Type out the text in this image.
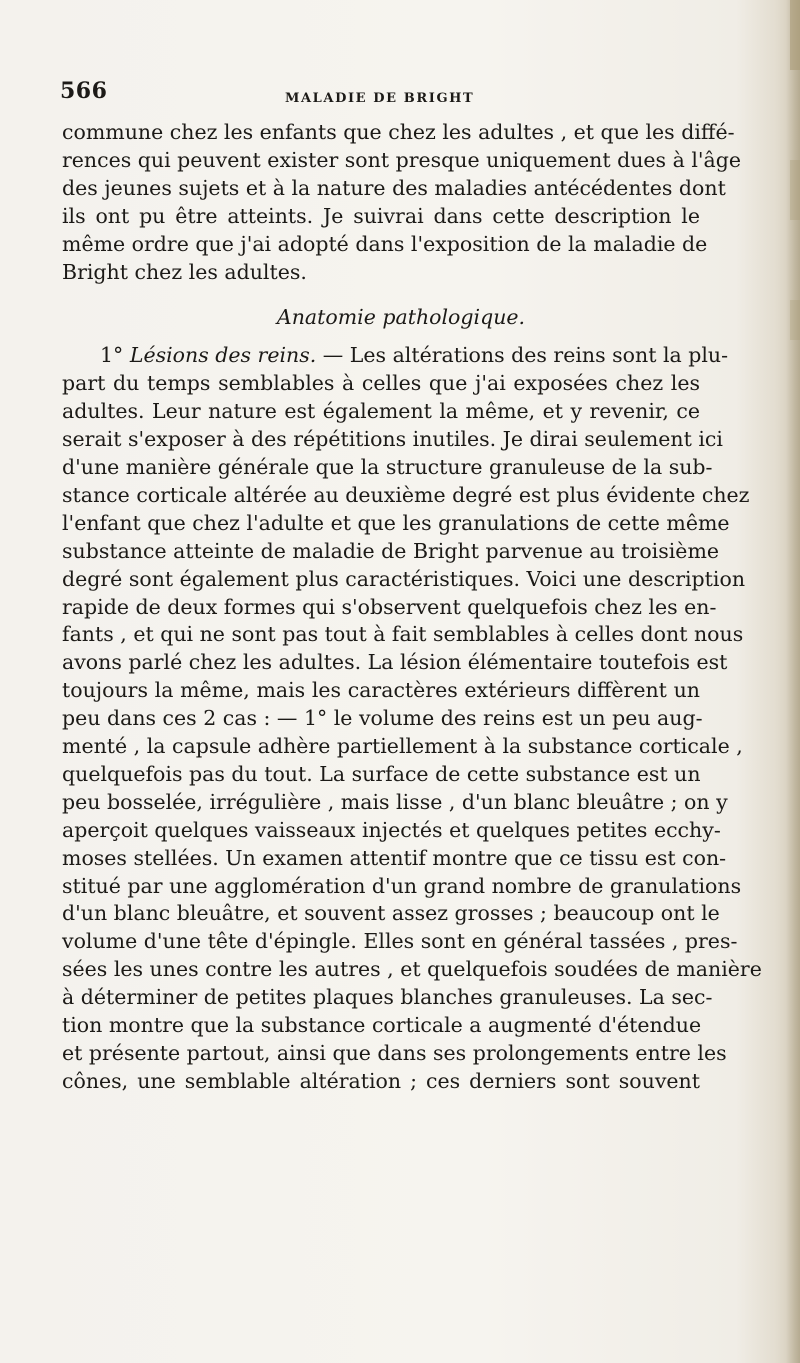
566	MALADIE DE BRIGHT

commune chez les enfants que chez les adultes , et que les diffé-

rences qui peuvent exister sont presque uniquement dues à l'âge

des jeunes sujets et à la nature des maladies antécédentes dont

ils ont pu être atteints. Je suivrai dans cette description le

même ordre que j'ai adopté dans l'exposition de la maladie de

Bright chez les adultes.

Anatomie pathologique.

1° Lésions des reins. — Les altérations des reins sont la plu-

part du temps semblables à celles que j'ai exposées chez les

adultes. Leur nature est également la même, et y revenir, ce

serait s'exposer à des répétitions inutiles. Je dirai seulement ici

d'une manière générale que la structure granuleuse de la sub-

stance corticale altérée au deuxième degré est plus évidente chez

l'enfant que chez l'adulte et que les granulations de cette même

substance atteinte de maladie de Bright parvenue au troisième

degré sont également plus caractéristiques. Voici une description

rapide de deux formes qui s'observent quelquefois chez les en-

fants , et qui ne sont pas tout à fait semblables à celles dont nous

avons parlé chez les adultes. La lésion élémentaire toutefois est

toujours la même, mais les caractères extérieurs diffèrent un

peu dans ces 2 cas : — 1° le volume des reins est un peu aug-

menté , la capsule adhère partiellement à la substance corticale ,

quelquefois pas du tout. La surface de cette substance est un

peu bosselée, irrégulière , mais lisse , d'un blanc bleuâtre ; on y

aperçoit quelques vaisseaux injectés et quelques petites ecchy-

moses stellées. Un examen attentif montre que ce tissu est con-

stitué par une agglomération d'un grand nombre de granulations

d'un blanc bleuâtre, et souvent assez grosses ; beaucoup ont le

volume d'une tête d'épingle. Elles sont en général tassées , pres-

sées les unes contre les autres , et quelquefois soudées de manière

à déterminer de petites plaques blanches granuleuses. La sec-

tion montre que la substance corticale a augmenté d'étendue

et présente partout, ainsi que dans ses prolongements entre les

cônes, une semblable altération ; ces derniers sont souvent
